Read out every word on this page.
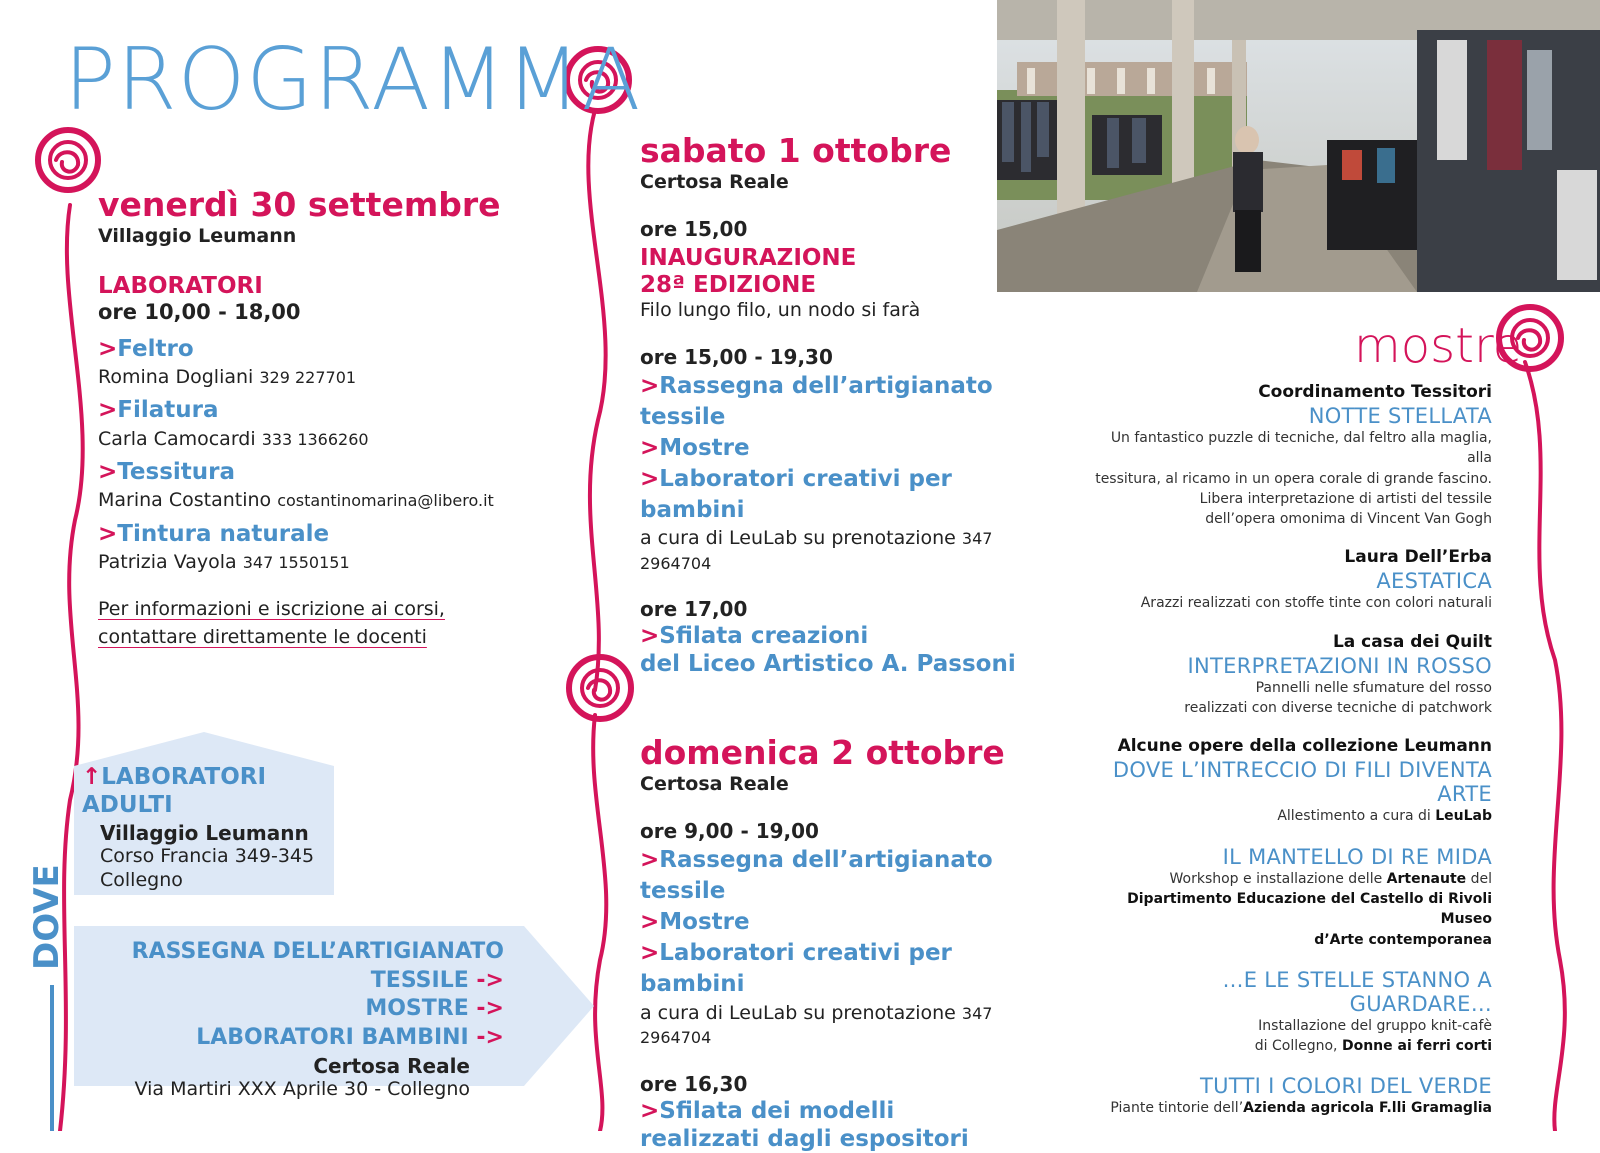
PROGRAMMA

venerdì 30 settembre

Villaggio Leumann

LABORATORI

ore 10,00 - 18,00

>Feltro

Romina Dogliani 329 227701

>Filatura

Carla Camocardi 333 1366260

>Tessitura

Marina Costantino costantinomarina@libero.it

>Tintura naturale

Patrizia Vayola 347 1550151

Per informazioni e iscrizione ai corsi,

contattare direttamente le docenti

sabato 1 ottobre

Certosa Reale

ore 15,00

INAUGURAZIONE

28ª EDIZIONE

Filo lungo filo, un nodo si farà

ore 15,00 - 19,30

>Rassegna dell’artigianato tessile

>Mostre

>Laboratori creativi per bambini

a cura di LeuLab su prenotazione 347 2964704

ore 17,00

>Sfilata creazioni

del Liceo Artistico A. Passoni

domenica 2 ottobre

Certosa Reale

ore 9,00 - 19,00

>Rassegna dell’artigianato tessile

>Mostre

>Laboratori creativi per bambini

a cura di LeuLab su prenotazione 347 2964704

ore 16,30

>Sfilata dei modelli

realizzati dagli espositori

mostre

Coordinamento Tessitori

NOTTE STELLATA

Un fantastico puzzle di tecniche, dal feltro alla maglia, alla

tessitura, al ricamo in un opera corale di grande fascino.

Libera interpretazione di artisti del tessile

dell’opera omonima di Vincent Van Gogh

Laura Dell’Erba

AESTATICA

Arazzi realizzati con stoffe tinte con colori naturali

La casa dei Quilt

INTERPRETAZIONI IN ROSSO

Pannelli nelle sfumature del rosso

realizzati con diverse tecniche di patchwork

Alcune opere della collezione Leumann

DOVE L’INTRECCIO DI FILI DIVENTA ARTE

Allestimento a cura di LeuLab

IL MANTELLO DI RE MIDA

Workshop e installazione delle Artenaute del

Dipartimento Educazione del Castello di Rivoli Museo

d’Arte contemporanea

…E LE STELLE STANNO A GUARDARE…

Installazione del gruppo knit-cafè

di Collegno, Donne ai ferri corti

TUTTI I COLORI DEL VERDE

Piante tintorie dell’Azienda agricola F.lli Gramaglia

DOVE

↑LABORATORI ADULTI

Villaggio Leumann

Corso Francia 349-345

Collegno

RASSEGNA DELL’ARTIGIANATO TESSILE ->

MOSTRE ->

LABORATORI BAMBINI ->

Certosa Reale

Via Martiri XXX Aprile 30 - Collegno
